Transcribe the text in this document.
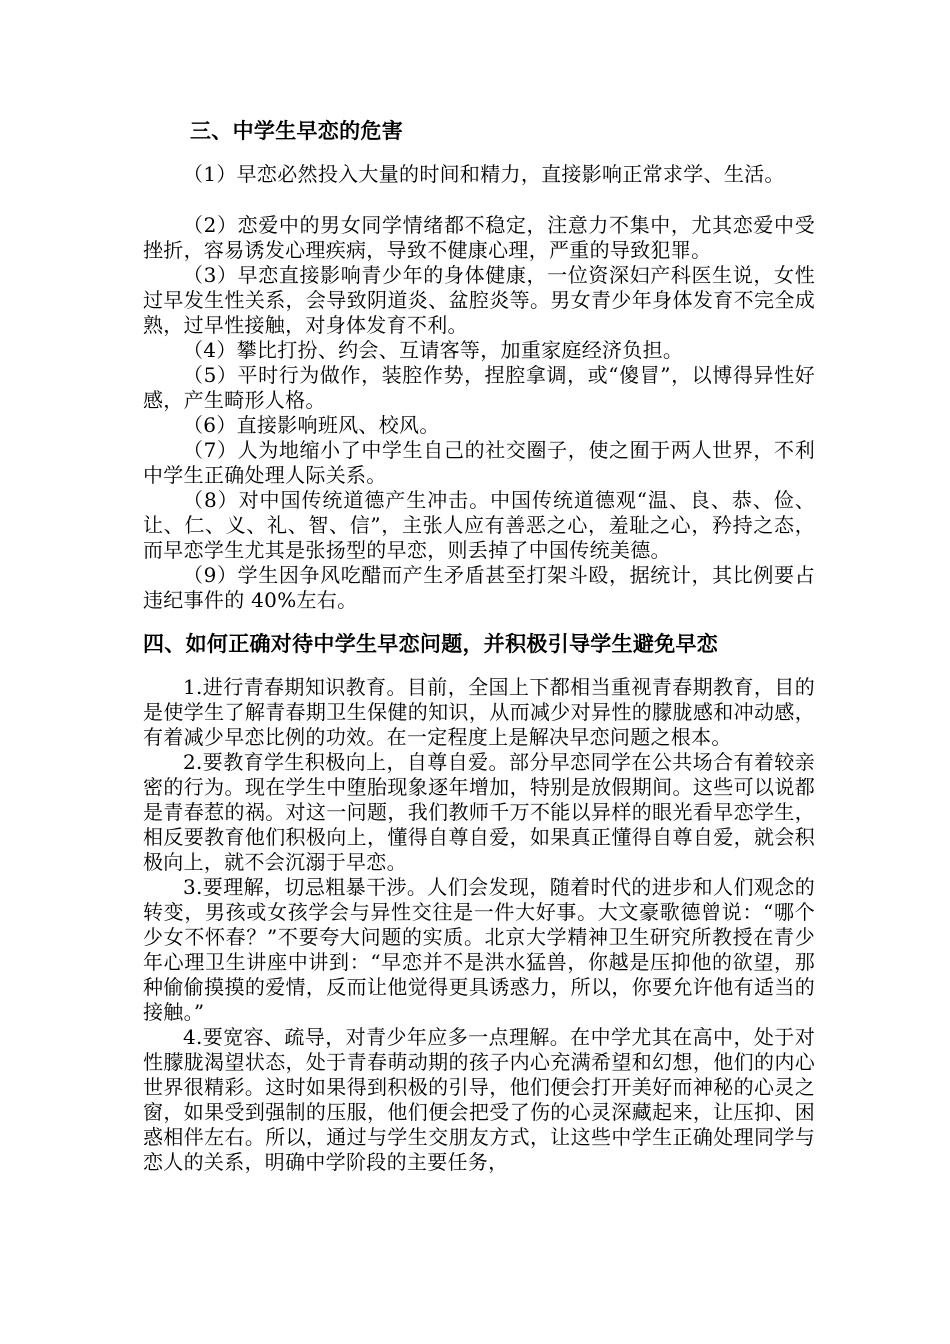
三、中学生早恋的危害

（1）早恋必然投入大量的时间和精力，直接影响正常求学、生活。

（2）恋爱中的男女同学情绪都不稳定，注意力不集中，尤其恋爱中受挫折，容易诱发心理疾病，导致不健康心理，严重的导致犯罪。

（3）早恋直接影响青少年的身体健康，一位资深妇产科医生说，女性过早发生性关系，会导致阴道炎、盆腔炎等。男女青少年身体发育不完全成熟，过早性接触，对身体发育不利。

（4）攀比打扮、约会、互请客等，加重家庭经济负担。

（5）平时行为做作，装腔作势，捏腔拿调，或“傻冒”，以博得异性好感，产生畸形人格。

（6）直接影响班风、校风。

（7）人为地缩小了中学生自己的社交圈子，使之囿于两人世界，不利中学生正确处理人际关系。

（8）对中国传统道德产生冲击。中国传统道德观“温、良、恭、俭、让、仁、义、礼、智、信”，主张人应有善恶之心，羞耻之心，矜持之态，而早恋学生尤其是张扬型的早恋，则丢掉了中国传统美德。

（9）学生因争风吃醋而产生矛盾甚至打架斗殴，据统计，其比例要占违纪事件的 40%左右。

四、如何正确对待中学生早恋问题，并积极引导学生避免早恋

1.进行青春期知识教育。目前，全国上下都相当重视青春期教育，目的是使学生了解青春期卫生保健的知识，从而减少对异性的朦胧感和冲动感，有着减少早恋比例的功效。在一定程度上是解决早恋问题之根本。

2.要教育学生积极向上，自尊自爱。部分早恋同学在公共场合有着较亲密的行为。现在学生中堕胎现象逐年增加，特别是放假期间。这些可以说都是青春惹的祸。对这一问题，我们教师千万不能以异样的眼光看早恋学生，相反要教育他们积极向上，懂得自尊自爱，如果真正懂得自尊自爱，就会积极向上，就不会沉溺于早恋。

3.要理解，切忌粗暴干涉。人们会发现，随着时代的进步和人们观念的转变，男孩或女孩学会与异性交往是一件大好事。大文豪歌德曾说：“哪个少女不怀春？”不要夸大问题的实质。北京大学精神卫生研究所教授在青少年心理卫生讲座中讲到：“早恋并不是洪水猛兽，你越是压抑他的欲望，那种偷偷摸摸的爱情，反而让他觉得更具诱惑力，所以，你要允许他有适当的接触。”

4.要宽容、疏导，对青少年应多一点理解。在中学尤其在高中，处于对性朦胧渴望状态，处于青春萌动期的孩子内心充满希望和幻想，他们的内心世界很精彩。这时如果得到积极的引导，他们便会打开美好而神秘的心灵之窗，如果受到强制的压服，他们便会把受了伤的心灵深藏起来，让压抑、困惑相伴左右。所以，通过与学生交朋友方式，让这些中学生正确处理同学与恋人的关系，明确中学阶段的主要任务，
